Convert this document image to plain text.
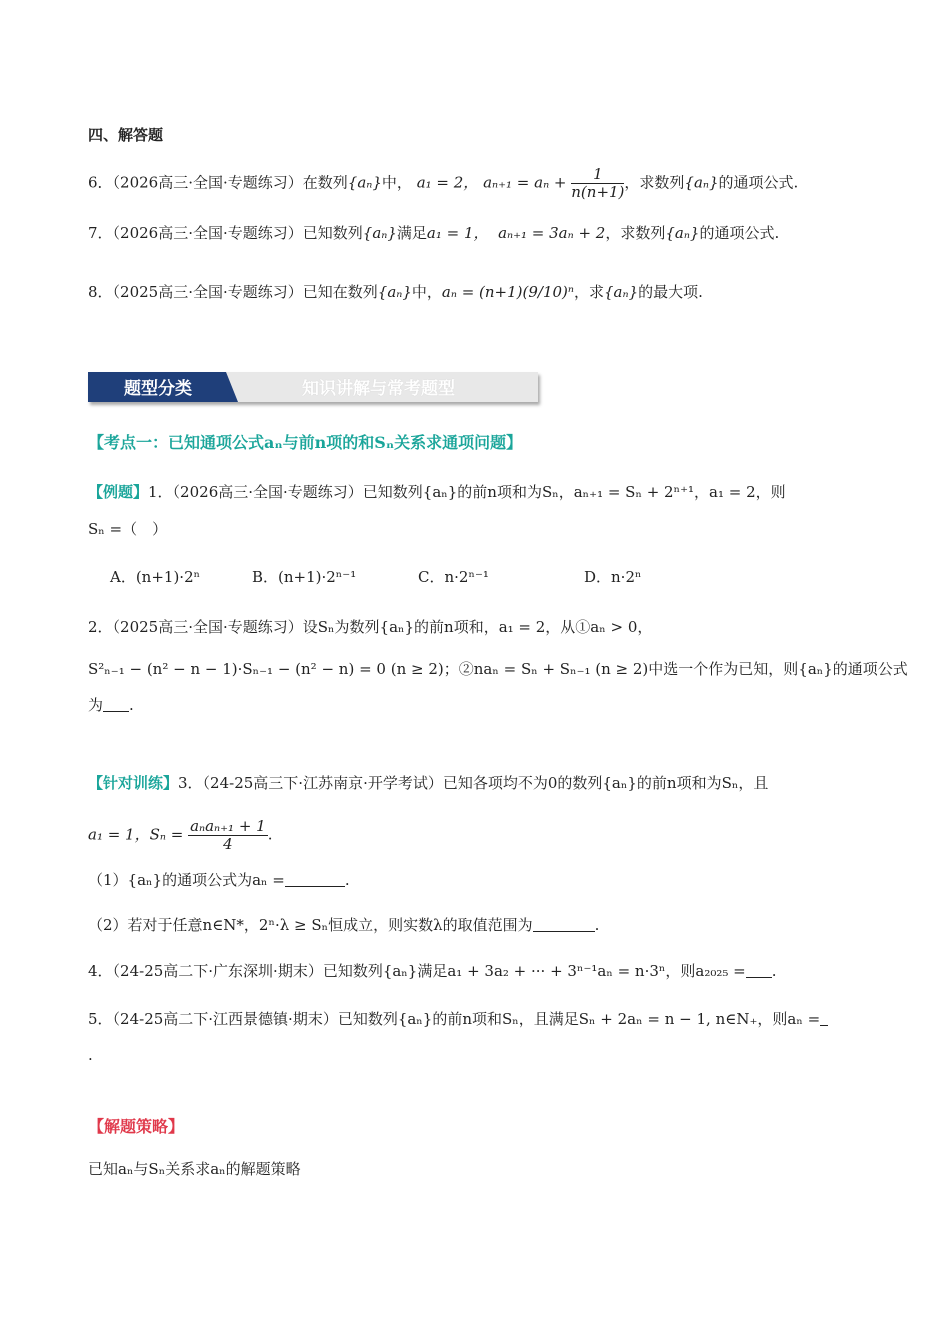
四、解答题
6．（2026高三·全国·专题练习）在数列{aₙ}中， a₁ = 2， $a_{n+1} = a_n + \frac{1}{n(n+1)}$ ，求数列{aₙ}的通项公式.
7．（2026高三·全国·专题练习）已知数列{aₙ}满足a₁ = 1， aₙ₊₁ = 3aₙ + 2，求数列{aₙ}的通项公式.
8．（2025高三·全国·专题练习）已知在数列{aₙ}中，aₙ = (n+1)(9/10)ⁿ，求{aₙ}的最大项.
题型分类	知识讲解与常考题型
【考点一：已知通项公式aₙ与前n项的和Sₙ关系求通项问题】
【例题】1．（2026高三·全国·专题练习）已知数列{aₙ}的前n项和为Sₙ，aₙ₊₁ = Sₙ + 2ⁿ⁺¹，a₁ = 2，则
Sₙ =（　）
A．(n+1)·2ⁿ	B．(n+1)·2ⁿ⁻¹	C．n·2ⁿ⁻¹	D．n·2ⁿ
2．（2025高三·全国·专题练习）设Sₙ为数列{aₙ}的前n项和，a₁ = 2，从①aₙ > 0，
S²ₙ₋₁ − (n² − n − 1)·Sₙ₋₁ − (n² − n) = 0 (n ≥ 2)；②naₙ = Sₙ + Sₙ₋₁ (n ≥ 2)中选一个作为已知，则{aₙ}的通项公式
为 .
【针对训练】3．（24-25高三下·江苏南京·开学考试）已知各项均不为0的数列{aₙ}的前n项和为Sₙ，且
a₁ = 1，$S_n = \frac{\text{aₙaₙ₊₁ + 1}}{4}$ .
（1）{aₙ}的通项公式为aₙ =	.
（2）若对于任意n∈N*，2ⁿ·λ ≥ Sₙ恒成立，则实数λ的取值范围为	.
4．（24-25高二下·广东深圳·期末）已知数列{aₙ}满足a₁ + 3a₂ + ··· + 3ⁿ⁻¹aₙ = n·3ⁿ，则a₂₀₂₅ = .
5．（24-25高二下·江西景德镇·期末）已知数列{aₙ}的前n项和Sₙ，且满足Sₙ + 2aₙ = n − 1, n∈N₊，则aₙ =
.
【解题策略】
已知aₙ与Sₙ关系求aₙ的解题策略
